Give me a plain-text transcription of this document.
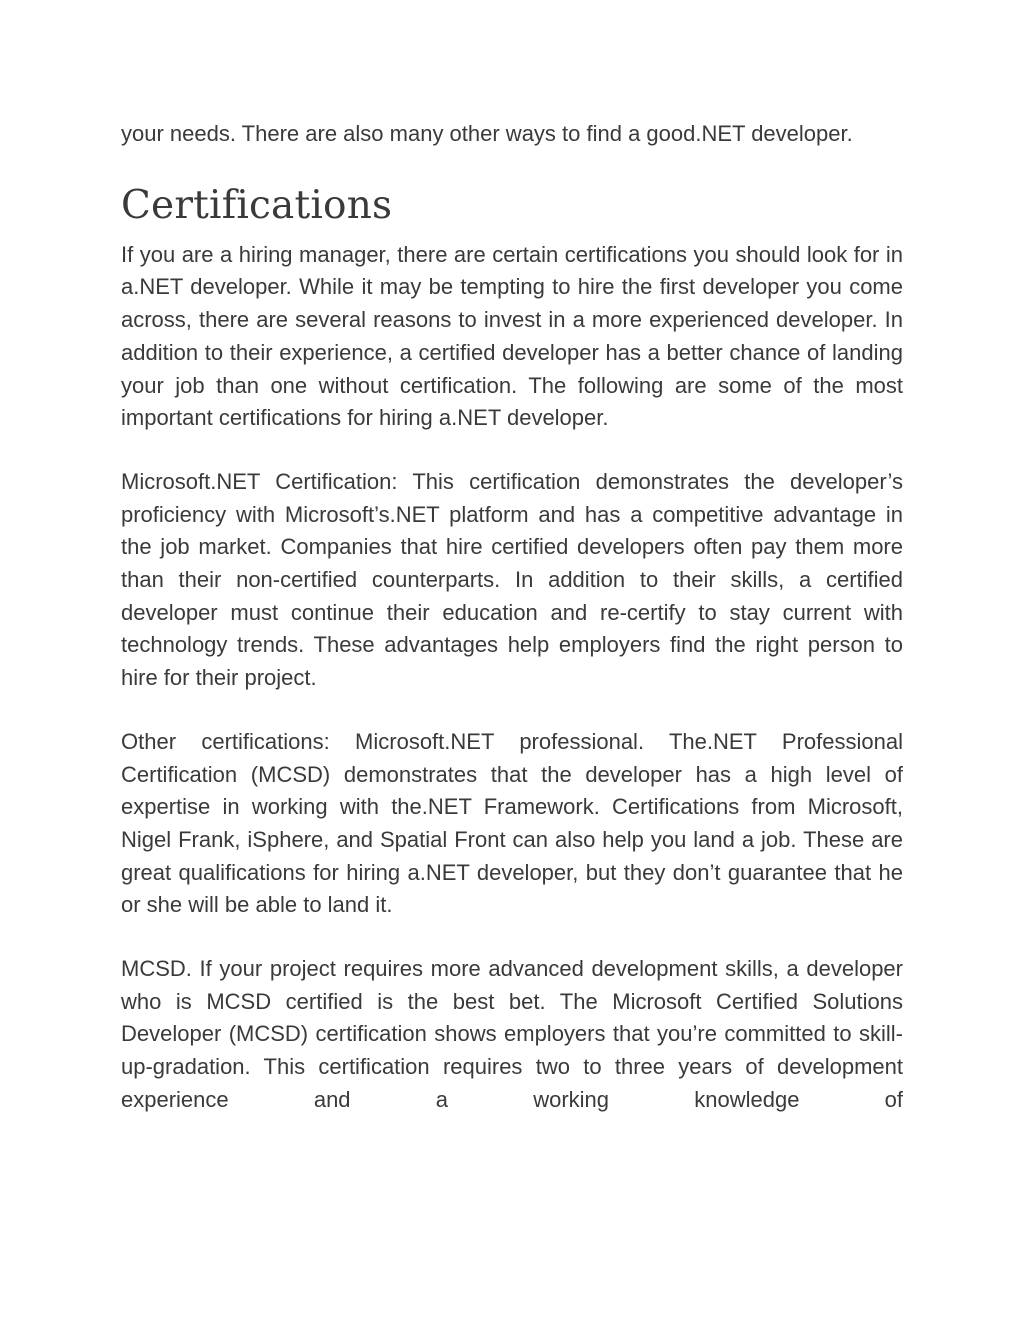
your needs. There are also many other ways to find a good.NET developer.

Certifications

If you are a hiring manager, there are certain certifications you should look for in a.NET developer. While it may be tempting to hire the first developer you come across, there are several reasons to invest in a more experienced developer. In addition to their experience, a certified developer has a better chance of landing your job than one without certification. The following are some of the most important certifications for hiring a.NET developer.

Microsoft.NET Certification: This certification demonstrates the developer’s proficiency with Microsoft’s.NET platform and has a competitive advantage in the job market. Companies that hire certified developers often pay them more than their non-certified counterparts. In addition to their skills, a certified developer must continue their education and re-certify to stay current with technology trends. These advantages help employers find the right person to hire for their project.

Other certifications: Microsoft.NET professional. The.NET Professional Certification (MCSD) demonstrates that the developer has a high level of expertise in working with the.NET Framework. Certifications from Microsoft, Nigel Frank, iSphere, and Spatial Front can also help you land a job. These are great qualifications for hiring a.NET developer, but they don’t guarantee that he or she will be able to land it.

MCSD. If your project requires more advanced development skills, a developer who is MCSD certified is the best bet. The Microsoft Certified Solutions Developer (MCSD) certification shows employers that you’re committed to skill-up-gradation. This certification requires two to three years of development experience and a working knowledge of
